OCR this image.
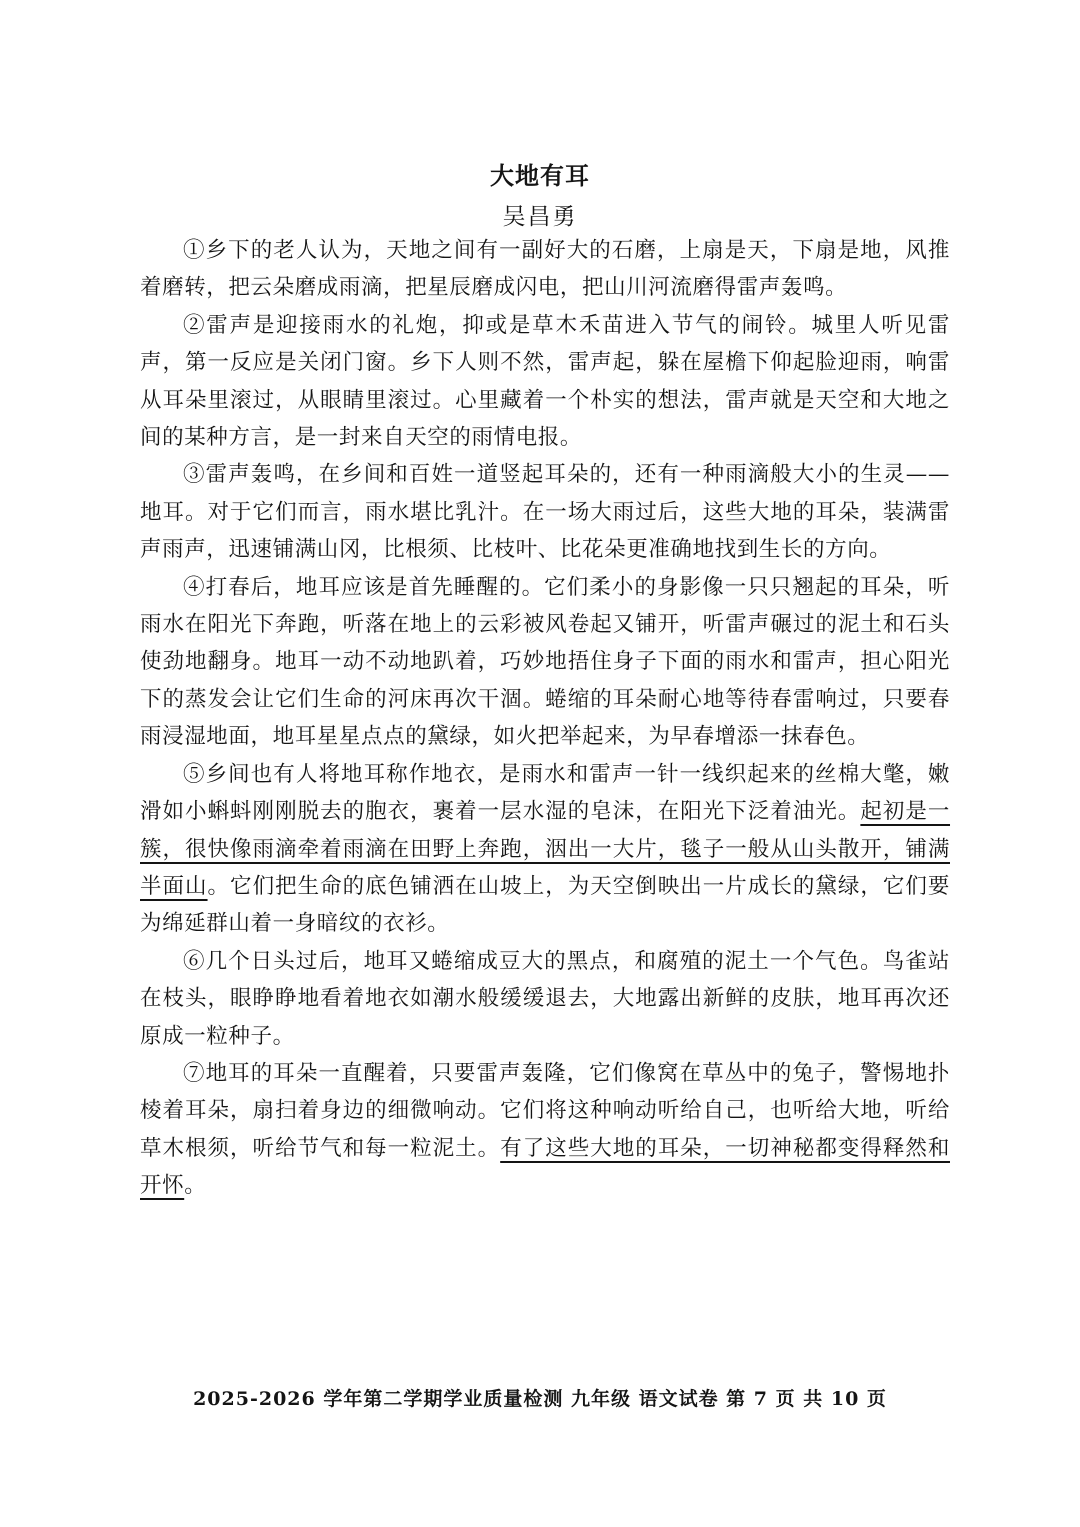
大地有耳
吴昌勇

①乡下的老人认为，天地之间有一副好大的石磨，上扇是天，下扇是地，风推着磨转，把云朵磨成雨滴，把星辰磨成闪电，把山川河流磨得雷声轰鸣。

②雷声是迎接雨水的礼炮，抑或是草木禾苗进入节气的闹铃。城里人听见雷声，第一反应是关闭门窗。乡下人则不然，雷声起，躲在屋檐下仰起脸迎雨，响雷从耳朵里滚过，从眼睛里滚过。心里藏着一个朴实的想法，雷声就是天空和大地之间的某种方言，是一封来自天空的雨情电报。

③雷声轰鸣，在乡间和百姓一道竖起耳朵的，还有一种雨滴般大小的生灵——地耳。对于它们而言，雨水堪比乳汁。在一场大雨过后，这些大地的耳朵，装满雷声雨声，迅速铺满山冈，比根须、比枝叶、比花朵更准确地找到生长的方向。

④打春后，地耳应该是首先睡醒的。它们柔小的身影像一只只翘起的耳朵，听雨水在阳光下奔跑，听落在地上的云彩被风卷起又铺开，听雷声碾过的泥土和石头使劲地翻身。地耳一动不动地趴着，巧妙地捂住身子下面的雨水和雷声，担心阳光下的蒸发会让它们生命的河床再次干涸。蜷缩的耳朵耐心地等待春雷响过，只要春雨浸湿地面，地耳星星点点的黛绿，如火把举起来，为早春增添一抹春色。

⑤乡间也有人将地耳称作地衣，是雨水和雷声一针一线织起来的丝棉大氅，嫩滑如小蝌蚪刚刚脱去的胞衣，裹着一层水湿的皂沫，在阳光下泛着油光。起初是一簇，很快像雨滴牵着雨滴在田野上奔跑，洇出一大片，毯子一般从山头散开，铺满半面山。它们把生命的底色铺洒在山坡上，为天空倒映出一片成长的黛绿，它们要为绵延群山着一身暗纹的衣衫。

⑥几个日头过后，地耳又蜷缩成豆大的黑点，和腐殖的泥土一个气色。鸟雀站在枝头，眼睁睁地看着地衣如潮水般缓缓退去，大地露出新鲜的皮肤，地耳再次还原成一粒种子。

⑦地耳的耳朵一直醒着，只要雷声轰隆，它们像窝在草丛中的兔子，警惕地扑棱着耳朵，扇扫着身边的细微响动。它们将这种响动听给自己，也听给大地，听给草木根须，听给节气和每一粒泥土。有了这些大地的耳朵，一切神秘都变得释然和开怀。

2025-2026 学年第二学期学业质量检测 九年级 语文试卷 第 7 页 共 10 页
